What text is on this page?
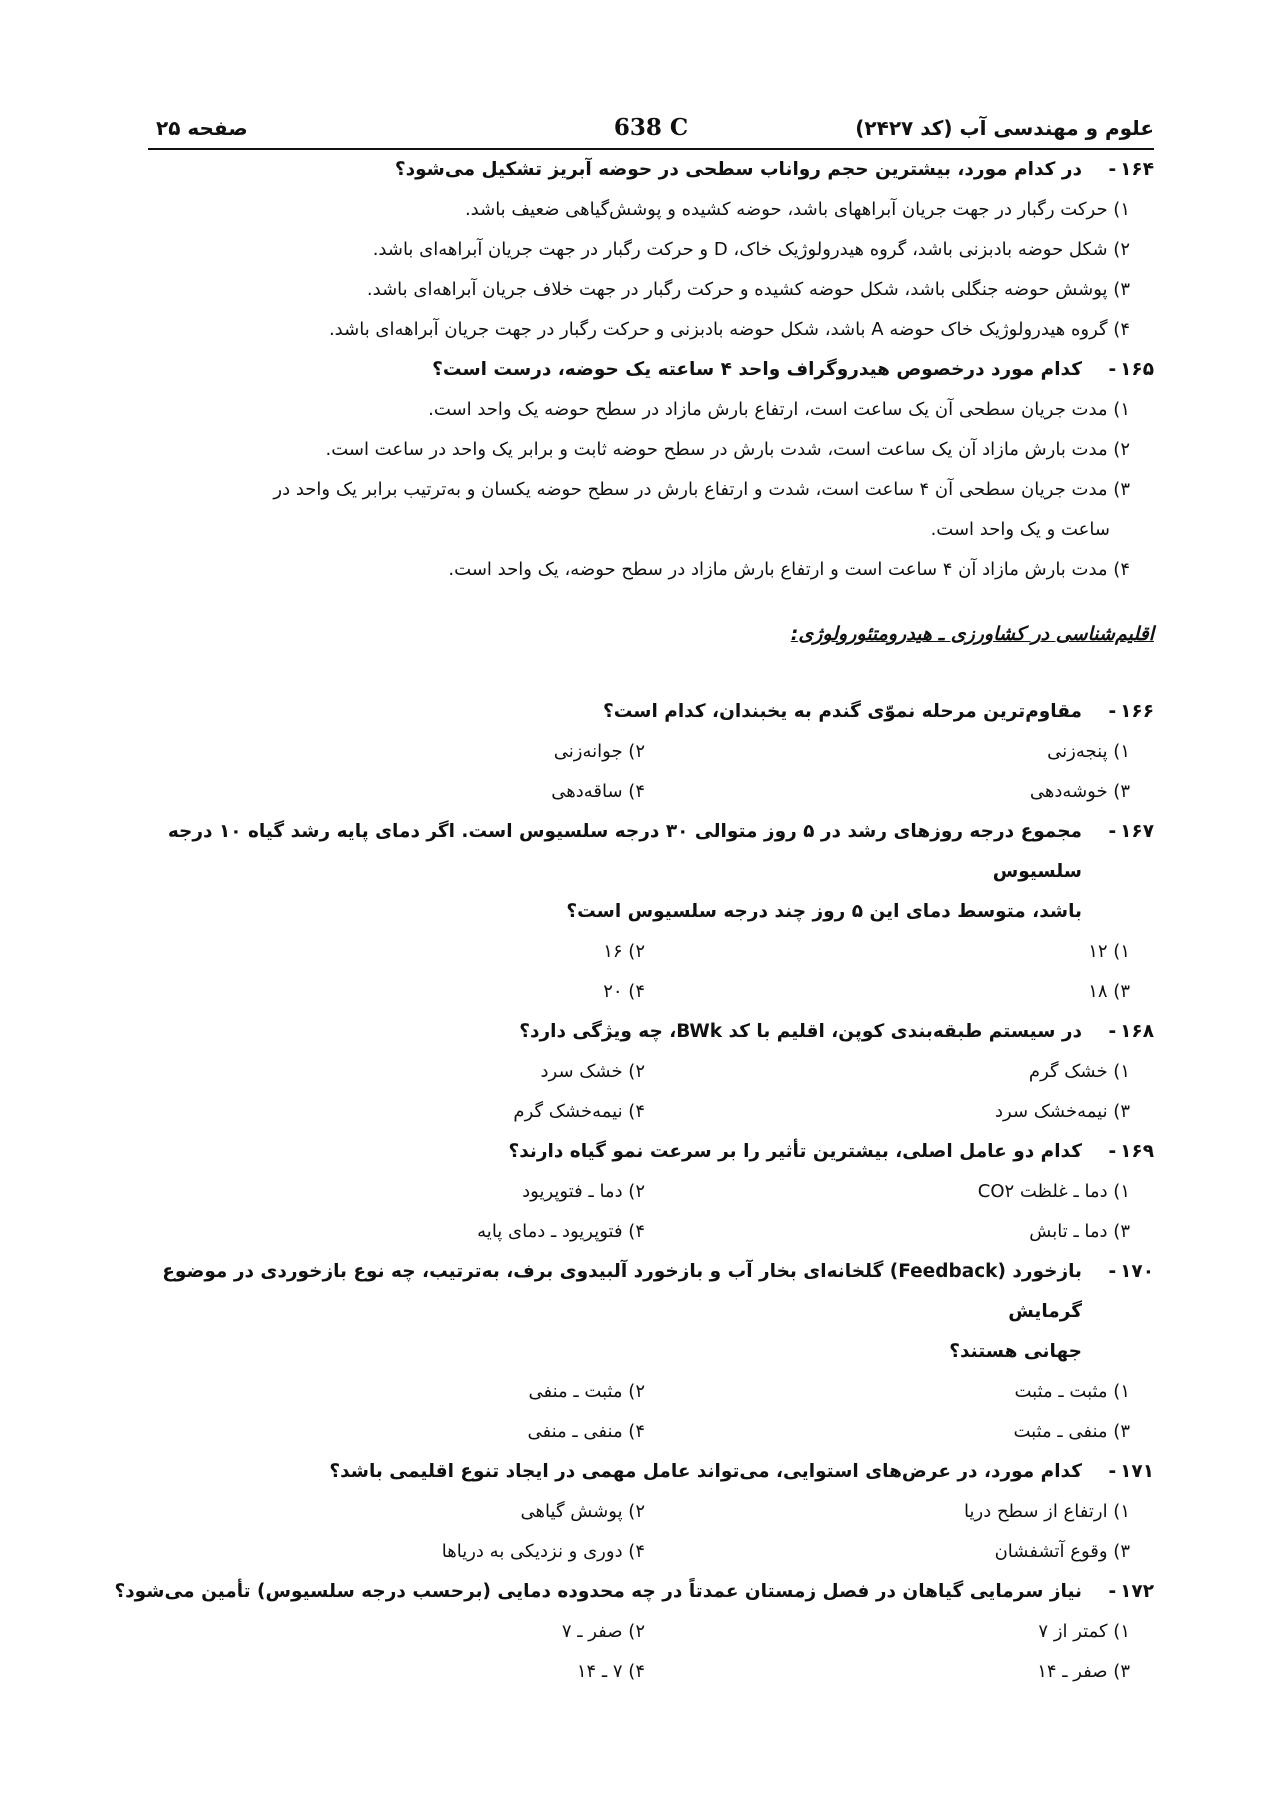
علوم و مهندسی آب (کد ۲۴۲۷)
638 C
صفحه ۲۵
۱۶۴ -
در کدام مورد، بیشترین حجم رواناب سطحی در حوضه آبریز تشکیل می‌شود؟
۱) حرکت رگبار در جهت جریان آبراههای باشد، حوضه کشیده و پوشش‌گیاهی ضعیف باشد.
۲) شکل حوضه بادبزنی باشد، گروه هیدرولوژیک خاک، D و حرکت رگبار در جهت جریان آبراهه‌ای باشد.
۳) پوشش حوضه جنگلی باشد، شکل حوضه کشیده و حرکت رگبار در جهت خلاف جریان آبراهه‌ای باشد.
۴) گروه هیدرولوژیک خاک حوضه A باشد، شکل حوضه بادبزنی و حرکت رگبار در جهت جریان آبراهه‌ای باشد.
۱۶۵ -
کدام مورد درخصوص هیدروگراف واحد ۴ ساعته یک حوضه، درست است؟
۱) مدت جریان سطحی آن یک ساعت است، ارتفاع بارش مازاد در سطح حوضه یک واحد است.
۲) مدت بارش مازاد آن یک ساعت است، شدت بارش در سطح حوضه ثابت و برابر یک واحد در ساعت است.
۳) مدت جریان سطحی آن ۴ ساعت است، شدت و ارتفاع بارش در سطح حوضه یکسان و به‌ترتیب برابر یک واحد در
ساعت و یک واحد است.
۴) مدت بارش مازاد آن ۴ ساعت است و ارتفاع بارش مازاد در سطح حوضه، یک واحد است.
اقلیم‌شناسی در کشاورزی ـ هیدرومتئورولوژی:
۱۶۶ -
مقاوم‌ترین مرحله نموّی گندم به یخبندان، کدام است؟
۱) پنجه‌زنی
۲) جوانه‌زنی
۳) خوشه‌دهی
۴) ساقه‌دهی
۱۶۷ -
مجموع درجه روزهای رشد در ۵ روز متوالی ۳۰ درجه سلسیوس است. اگر دمای پایه رشد گیاه ۱۰ درجه سلسیوس
باشد، متوسط دمای این ۵ روز چند درجه سلسیوس است؟
۱) ۱۲
۲) ۱۶
۳) ۱۸
۴) ۲۰
۱۶۸ -
در سیستم طبقه‌بندی کوپن، اقلیم با کد BWk، چه ویژگی دارد؟
۱) خشک گرم
۲) خشک سرد
۳) نیمه‌خشک سرد
۴) نیمه‌خشک گرم
۱۶۹ -
کدام دو عامل اصلی، بیشترین تأثیر را بر سرعت نمو گیاه دارند؟
۱) دما ـ غلظت CO۲
۲) دما ـ فتوپریود
۳) دما ـ تابش
۴) فتوپریود ـ دمای پایه
۱۷۰ -
بازخورد (Feedback) گلخانه‌ای بخار آب و بازخورد آلبیدوی برف، به‌ترتیب، چه نوع بازخوردی در موضوع گرمایش
جهانی هستند؟
۱) مثبت ـ مثبت
۲) مثبت ـ منفی
۳) منفی ـ مثبت
۴) منفی ـ منفی
۱۷۱ -
کدام مورد، در عرض‌های استوایی، می‌تواند عامل مهمی در ایجاد تنوع اقلیمی باشد؟
۱) ارتفاع از سطح دریا
۲) پوشش گیاهی
۳) وقوع آتشفشان
۴) دوری و نزدیکی به دریاها
۱۷۲ -
نیاز سرمایی گیاهان در فصل زمستان عمدتاً در چه محدوده دمایی (برحسب درجه سلسیوس) تأمین می‌شود؟
۱) کمتر از ۷
۲) صفر ـ ۷
۳) صفر ـ ۱۴
۴) ۷ ـ ۱۴
